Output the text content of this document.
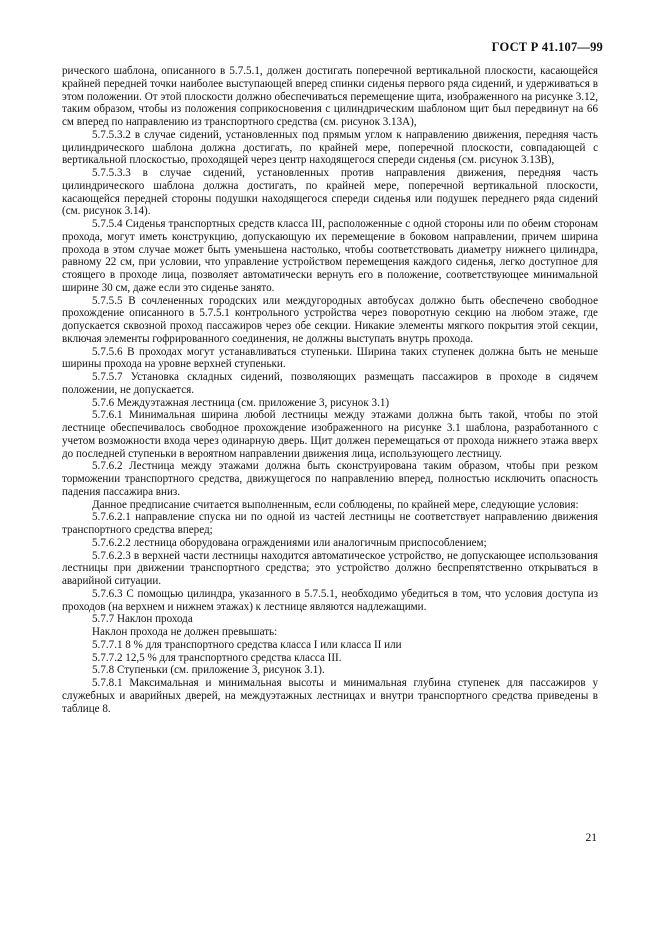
ГОСТ Р 41.107—99

рического шаблона, описанного в 5.7.5.1, должен достигать поперечной вертикальной плоскости, касающейся крайней передней точки наиболее выступающей вперед спинки сиденья первого ряда сидений, и удерживаться в этом положении. От этой плоскости должно обеспечиваться перемещение щита, изображенного на рисунке 3.12, таким образом, чтобы из положения соприкосновения с цилиндрическим шаблоном щит был передвинут на 66 см вперед по направлению из транспортного средства (см. рисунок 3.13А),

5.7.5.3.2 в случае сидений, установленных под прямым углом к направлению движения, передняя часть цилиндрического шаблона должна достигать, по крайней мере, поперечной плоскости, совпадающей с вертикальной плоскостью, проходящей через центр находящегося спереди сиденья (см. рисунок 3.13В),

5.7.5.3.3 в случае сидений, установленных против направления движения, передняя часть цилиндрического шаблона должна достигать, по крайней мере, поперечной вертикальной плоскости, касающейся передней стороны подушки находящегося спереди сиденья или подушек переднего ряда сидений (см. рисунок 3.14).

5.7.5.4 Сиденья транспортных средств класса III, расположенные с одной стороны или по обеим сторонам прохода, могут иметь конструкцию, допускающую их перемещение в боковом направлении, причем ширина прохода в этом случае может быть уменьшена настолько, чтобы соответствовать диаметру нижнего цилиндра, равному 22 см, при условии, что управление устройством перемещения каждого сиденья, легко доступное для стоящего в проходе лица, позволяет автоматически вернуть его в положение, соответствующее минимальной ширине 30 см, даже если это сиденье занято.

5.7.5.5 В сочлененных городских или междугородных автобусах должно быть обеспечено свободное прохождение описанного в 5.7.5.1 контрольного устройства через поворотную секцию на любом этаже, где допускается сквозной проход пассажиров через обе секции. Никакие элементы мягкого покрытия этой секции, включая элементы гофрированного соединения, не должны выступать внутрь прохода.

5.7.5.6 В проходах могут устанавливаться ступеньки. Ширина таких ступенек должна быть не меньше ширины прохода на уровне верхней ступеньки.

5.7.5.7 Установка складных сидений, позволяющих размещать пассажиров в проходе в сидячем положении, не допускается.

5.7.6 Междуэтажная лестница (см. приложение 3, рисунок 3.1)

5.7.6.1 Минимальная ширина любой лестницы между этажами должна быть такой, чтобы по этой лестнице обеспечивалось свободное прохождение изображенного на рисунке 3.1 шаблона, разработанного с учетом возможности входа через одинарную дверь. Щит должен перемещаться от прохода нижнего этажа вверх до последней ступеньки в вероятном направлении движения лица, использующего лестницу.

5.7.6.2 Лестница между этажами должна быть сконструирована таким образом, чтобы при резком торможении транспортного средства, движущегося по направлению вперед, полностью исключить опасность падения пассажира вниз.

Данное предписание считается выполненным, если соблюдены, по крайней мере, следующие условия:

5.7.6.2.1 направление спуска ни по одной из частей лестницы не соответствует направлению движения транспортного средства вперед;

5.7.6.2.2 лестница оборудована ограждениями или аналогичным приспособлением;

5.7.6.2.3 в верхней части лестницы находится автоматическое устройство, не допускающее использования лестницы при движении транспортного средства; это устройство должно беспрепятственно открываться в аварийной ситуации.

5.7.6.3 С помощью цилиндра, указанного в 5.7.5.1, необходимо убедиться в том, что условия доступа из проходов (на верхнем и нижнем этажах) к лестнице являются надлежащими.

5.7.7 Наклон прохода

Наклон прохода не должен превышать:

5.7.7.1 8 % для транспортного средства класса I или класса II или

5.7.7.2 12,5 % для транспортного средства класса III.

5.7.8 Ступеньки (см. приложение 3, рисунок 3.1).

5.7.8.1 Максимальная и минимальная высоты и минимальная глубина ступенек для пассажиров у служебных и аварийных дверей, на междуэтажных лестницах и внутри транспортного средства приведены в таблице 8.

21
